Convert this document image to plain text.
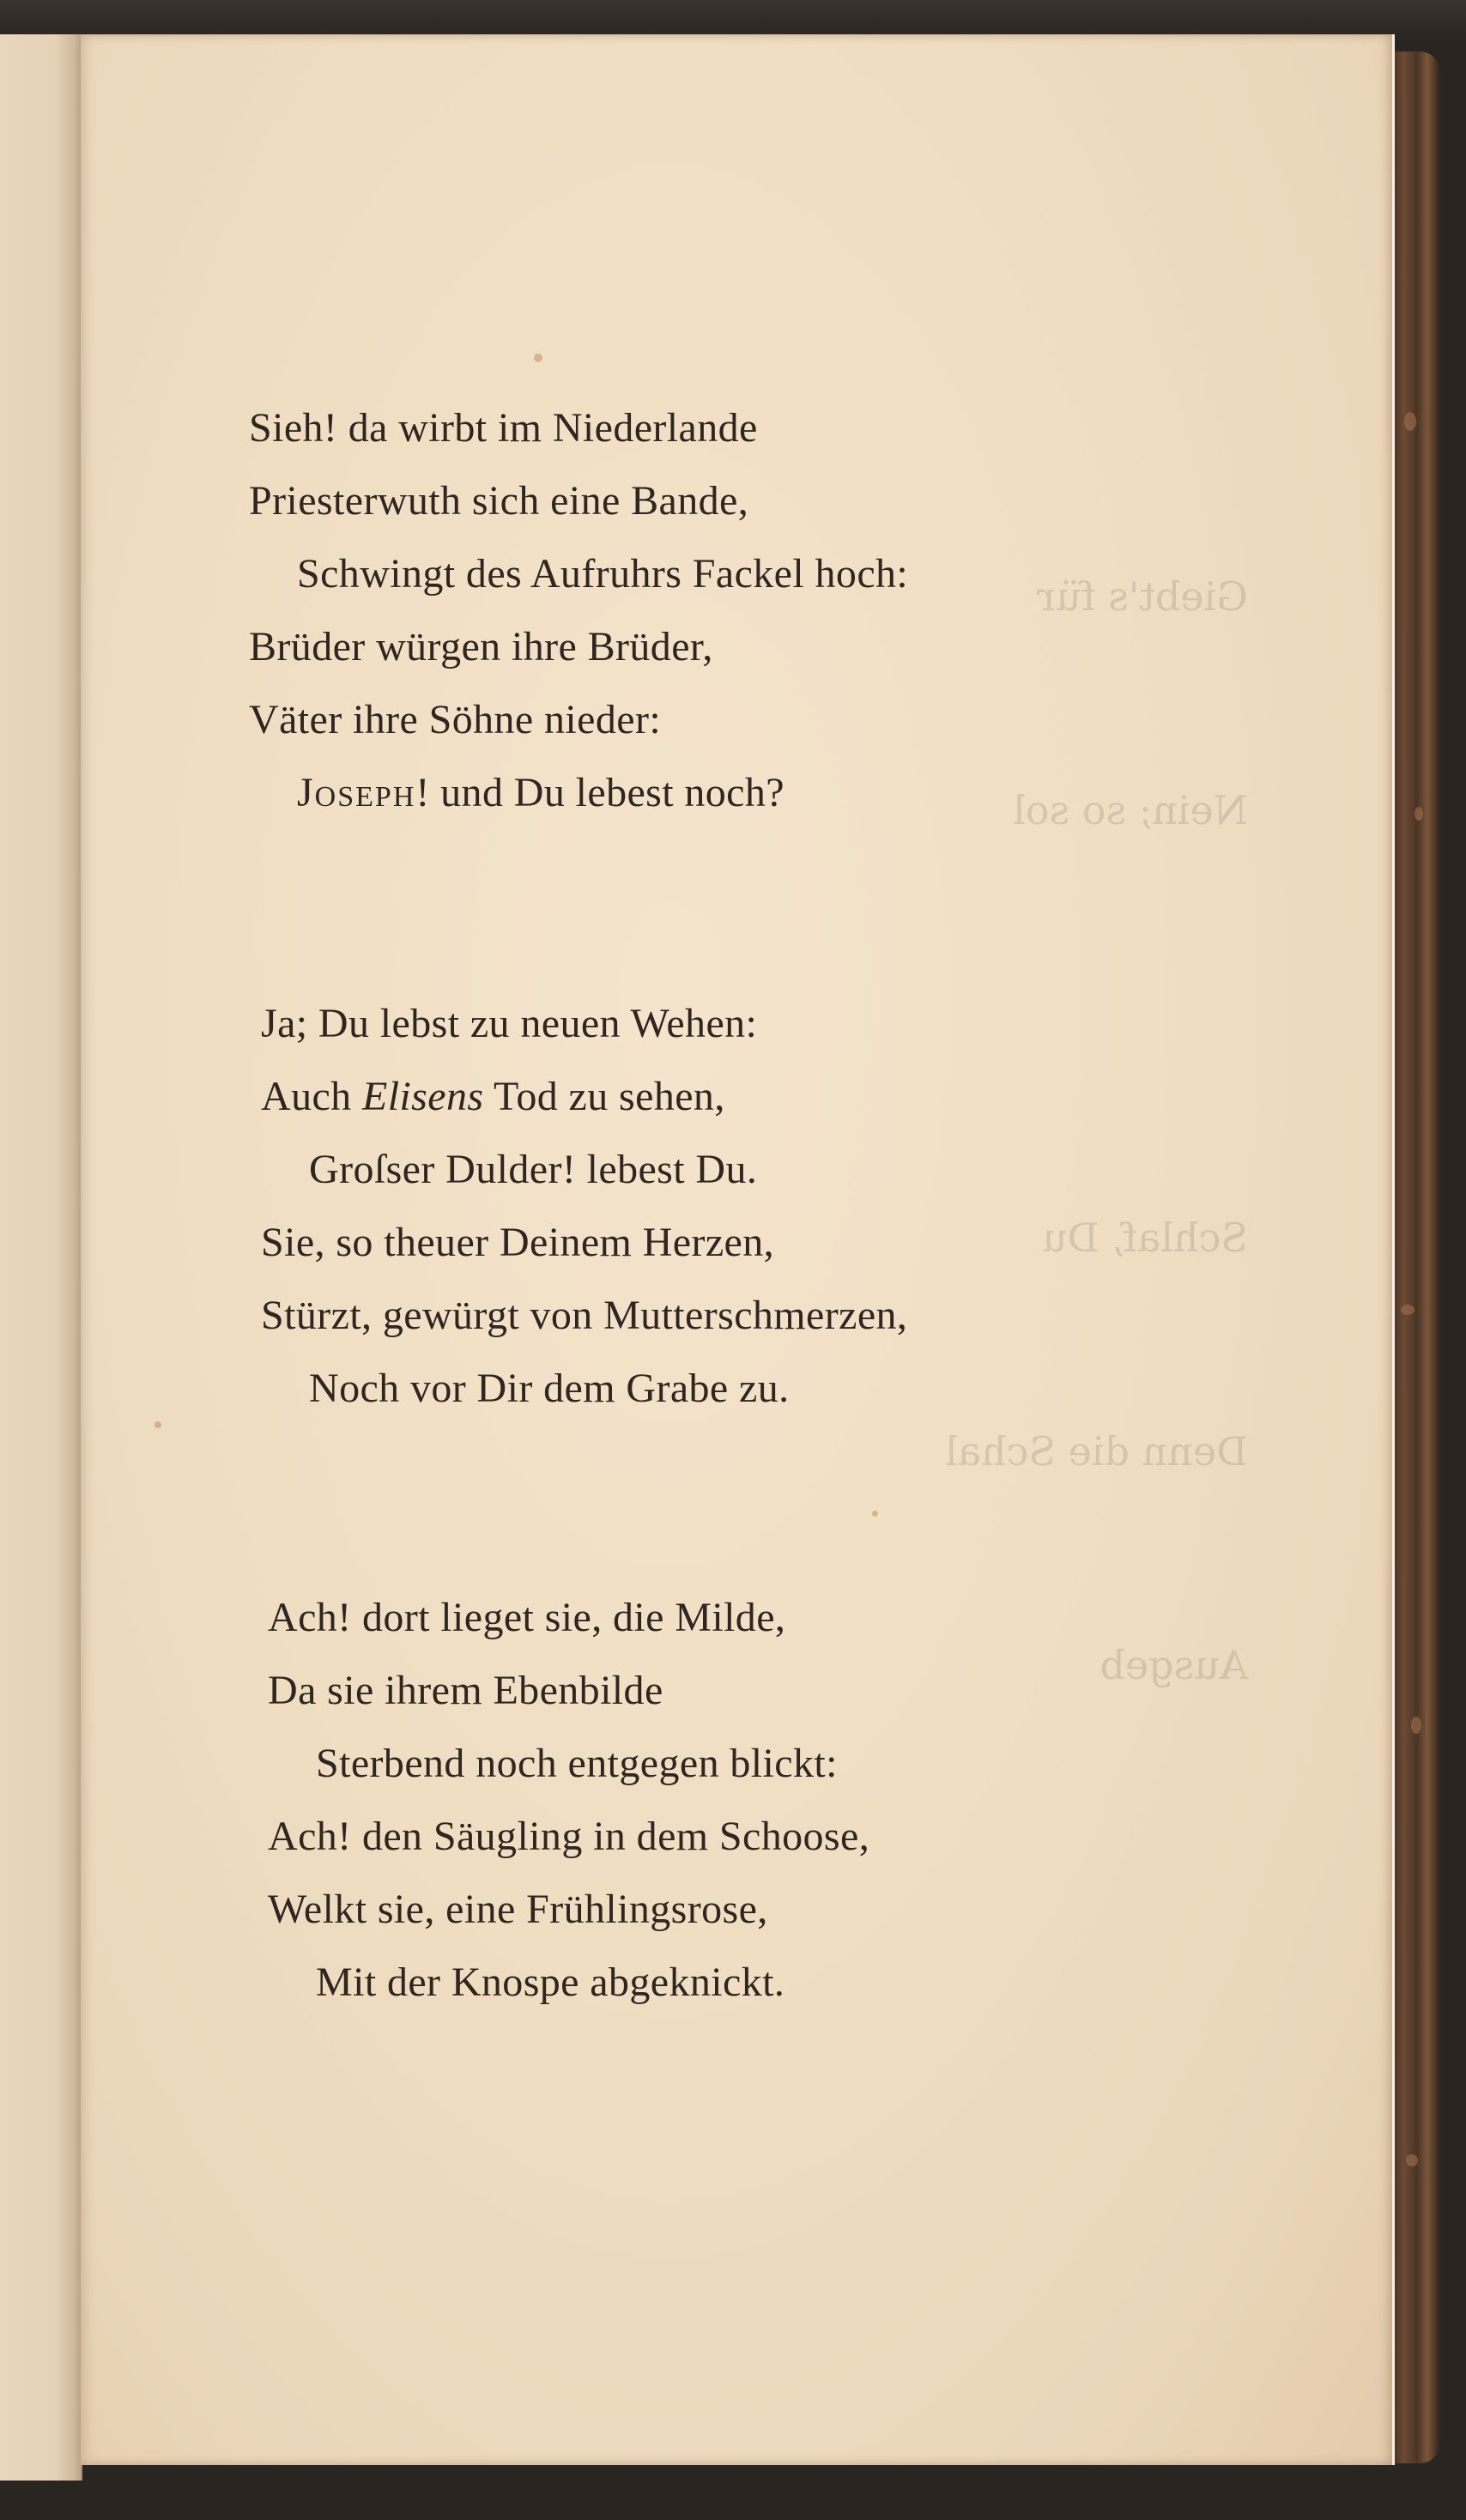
Giebt's für

Nein; so sol

Schlaf, Du

Denn die Schal

Ausgeb

Sieh! da wirbt im Niederlande
Priesterwuth sich eine Bande,
Schwingt des Aufruhrs Fackel hoch:
Brüder würgen ihre Brüder,
Väter ihre Söhne nieder:
Joseph! und Du lebest noch?
Ja; Du lebst zu neuen Wehen:
Auch Elisens Tod zu sehen,
Groſser Dulder! lebest Du.
Sie, so theuer Deinem Herzen,
Stürzt, gewürgt von Mutterschmerzen,
Noch vor Dir dem Grabe zu.
Ach! dort lieget sie, die Milde,
Da sie ihrem Ebenbilde
Sterbend noch entgegen blickt:
Ach! den Säugling in dem Schoose,
Welkt sie, eine Frühlingsrose,
Mit der Knospe abgeknickt.
